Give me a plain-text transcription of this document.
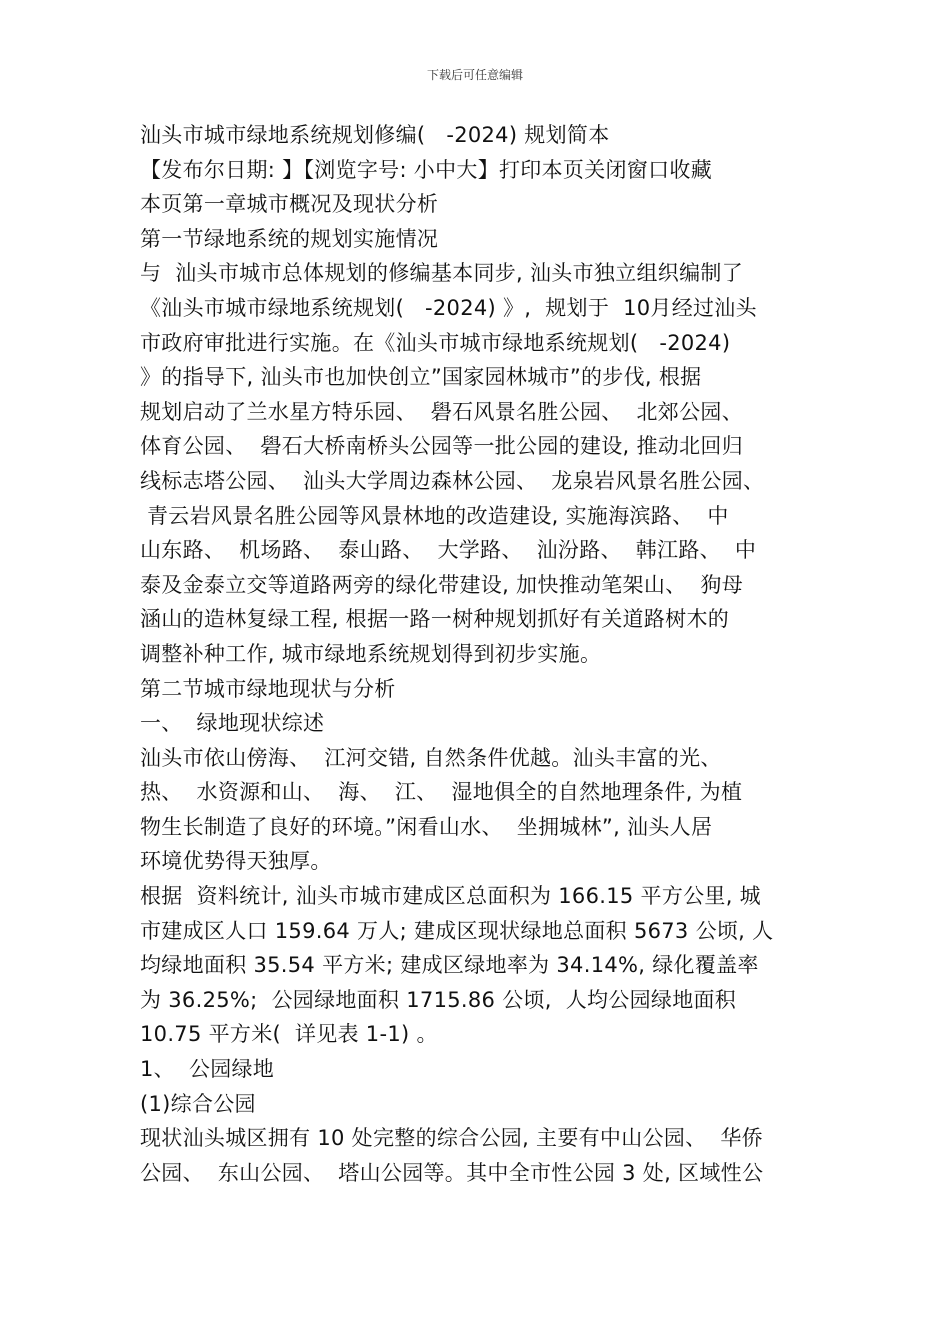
下载后可任意编辑
汕头市城市绿地系统规划修编(   -2024) 规划简本
【发布尔日期: 】【浏览字号: 小中大】打印本页关闭窗口收藏
本页第一章城市概况及现状分析
第一节绿地系统的规划实施情况
与  汕头市城市总体规划的修编基本同步, 汕头市独立组织编制了
《汕头市城市绿地系统规划(   -2024) 》,  规划于  10月经过汕头
市政府审批进行实施。在《汕头市城市绿地系统规划(   -2024)
》的指导下, 汕头市也加快创立”国家园林城市”的步伐, 根据
规划启动了兰水星方特乐园、  礐石风景名胜公园、  北郊公园、
体育公园、  礐石大桥南桥头公园等一批公园的建设, 推动北回归
线标志塔公园、  汕头大学周边森林公园、  龙泉岩风景名胜公园、
青云岩风景名胜公园等风景林地的改造建设, 实施海滨路、  中
山东路、  机场路、  泰山路、  大学路、  汕汾路、  韩江路、  中
泰及金泰立交等道路两旁的绿化带建设, 加快推动笔架山、  狗母
涵山的造林复绿工程, 根据一路一树种规划抓好有关道路树木的
调整补种工作, 城市绿地系统规划得到初步实施。
第二节城市绿地现状与分析
一、  绿地现状综述
汕头市依山傍海、  江河交错, 自然条件优越。汕头丰富的光、
热、  水资源和山、  海、  江、  湿地俱全的自然地理条件, 为植
物生长制造了良好的环境。”闲看山水、  坐拥城林”, 汕头人居
环境优势得天独厚。
根据  资料统计, 汕头市城市建成区总面积为 166.15 平方公里, 城
市建成区人口 159.64 万人; 建成区现状绿地总面积 5673 公顷, 人
均绿地面积 35.54 平方米; 建成区绿地率为 34.14%, 绿化覆盖率
为 36.25%;  公园绿地面积 1715.86 公顷,  人均公园绿地面积
10.75 平方米(  详见表 1-1) 。
1、  公园绿地
(1)综合公园
现状汕头城区拥有 10 处完整的综合公园, 主要有中山公园、  华侨
公园、  东山公园、  塔山公园等。其中全市性公园 3 处, 区域性公
